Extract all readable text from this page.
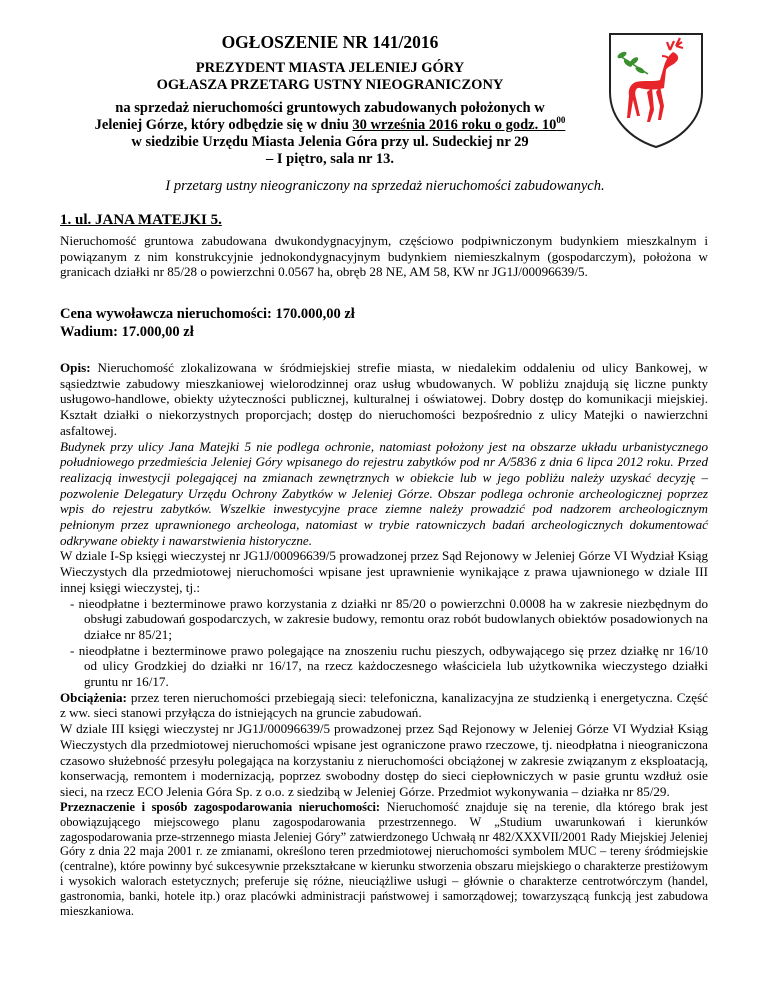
OGŁOSZENIE NR 141/2016
PREZYDENT MIASTA JELENIEJ GÓRY
OGŁASZA PRZETARG USTNY NIEOGRANICZONY
na sprzedaż nieruchomości gruntowych zabudowanych położonych w
Jeleniej Górze, który odbędzie się w dniu 30 września 2016 roku o godz. $10^{00}$
w siedzibie Urzędu Miasta Jelenia Góra przy ul. Sudeckiej nr 29
– I piętro, sala nr 13.
I przetarg ustny nieograniczony na sprzedaż nieruchomości zabudowanych.
1. ul. JANA MATEJKI 5.
Nieruchomość gruntowa zabudowana dwukondygnacyjnym, częściowo podpiwniczonym budynkiem mieszkalnym i powiązanym z nim konstrukcyjnie jednokondygnacyjnym budynkiem niemieszkalnym (gospodarczym), położona w granicach działki nr 85/28 o powierzchni 0.0567 ha, obręb 28 NE, AM 58, KW nr JG1J/00096639/5.
Cena wywoławcza nieruchomości: 170.000,00 zł
Wadium: 17.000,00 zł

Opis: Nieruchomość zlokalizowana w śródmiejskiej strefie miasta, w niedalekim oddaleniu od ulicy Bankowej, w sąsiedztwie zabudowy mieszkaniowej wielorodzinnej oraz usług wbudowanych. W pobliżu znajdują się liczne punkty usługowo-handlowe, obiekty użyteczności publicznej, kulturalnej i oświatowej. Dobry dostęp do komunikacji miejskiej. Kształt działki o niekorzystnych proporcjach; dostęp do nieruchomości bezpośrednio z ulicy Matejki o nawierzchni asfaltowej.

Budynek przy ulicy Jana Matejki 5 nie podlega ochronie, natomiast położony jest na obszarze układu urbanistycznego południowego przedmieścia Jeleniej Góry wpisanego do rejestru zabytków pod nr A/5836 z dnia 6 lipca 2012 roku. Przed realizacją inwestycji polegającej na zmianach zewnętrznych w obiekcie lub w jego pobliżu należy uzyskać decyzję – pozwolenie Delegatury Urzędu Ochrony Zabytków w Jeleniej Górze. Obszar podlega ochronie archeologicznej poprzez wpis do rejestru zabytków. Wszelkie inwestycyjne prace ziemne należy prowadzić pod nadzorem archeologicznym pełnionym przez uprawnionego archeologa, natomiast w trybie ratowniczych badań archeologicznych dokumentować odkrywane obiekty i nawarstwienia historyczne.

W dziale I-Sp księgi wieczystej nr JG1J/00096639/5 prowadzonej przez Sąd Rejonowy w Jeleniej Górze VI Wydział Ksiąg Wieczystych dla przedmiotowej nieruchomości wpisane jest uprawnienie wynikające z prawa ujawnionego w dziale III innej księgi wieczystej, tj.:

- nieodpłatne i bezterminowe prawo korzystania z działki nr 85/20 o powierzchni 0.0008 ha w zakresie niezbędnym do obsługi zabudowań gospodarczych, w zakresie budowy, remontu oraz robót budowlanych obiektów posadowionych na działce nr 85/21;

- nieodpłatne i bezterminowe prawo polegające na znoszeniu ruchu pieszych, odbywającego się przez działkę nr 16/10 od ulicy Grodzkiej do działki nr 16/17, na rzecz każdoczesnego właściciela lub użytkownika wieczystego działki gruntu nr 16/17.

Obciążenia: przez teren nieruchomości przebiegają sieci: telefoniczna, kanalizacyjna ze studzienką i energetyczna. Część z ww. sieci stanowi przyłącza do istniejących na gruncie zabudowań.

W dziale III księgi wieczystej nr JG1J/00096639/5 prowadzonej przez Sąd Rejonowy w Jeleniej Górze VI Wydział Ksiąg Wieczystych dla przedmiotowej nieruchomości wpisane jest ograniczone prawo rzeczowe, tj. nieodpłatna i nieograniczona czasowo służebność przesyłu polegająca na korzystaniu z nieruchomości obciążonej w zakresie związanym z eksploatacją, konserwacją, remontem i modernizacją, poprzez swobodny dostęp do sieci ciepłowniczych w pasie gruntu wzdłuż osie sieci, na rzecz ECO Jelenia Góra Sp. z o.o. z siedzibą w Jeleniej Górze. Przedmiot wykonywania – działka nr 85/29.

Przeznaczenie i sposób zagospodarowania nieruchomości: Nieruchomość znajduje się na terenie, dla którego brak jest obowiązującego miejscowego planu zagospodarowania przestrzennego. W „Studium uwarunkowań i kierunków zagospodarowania prze-strzennego miasta Jeleniej Góry” zatwierdzonego Uchwałą nr 482/XXXVII/2001 Rady Miejskiej Jeleniej Góry z dnia 22 maja 2001 r. ze zmianami, określono teren przedmiotowej nieruchomości symbolem MUC – tereny śródmiejskie (centralne), które powinny być sukcesywnie przekształcane w kierunku stworzenia obszaru miejskiego o charakterze prestiżowym i wysokich walorach estetycznych; preferuje się różne, nieuciążliwe usługi – głównie o charakterze centrotwórczym (handel, gastronomia, banki, hotele itp.) oraz placówki administracji państwowej i samorządowej; towarzyszącą funkcją jest zabudowa mieszkaniowa.
